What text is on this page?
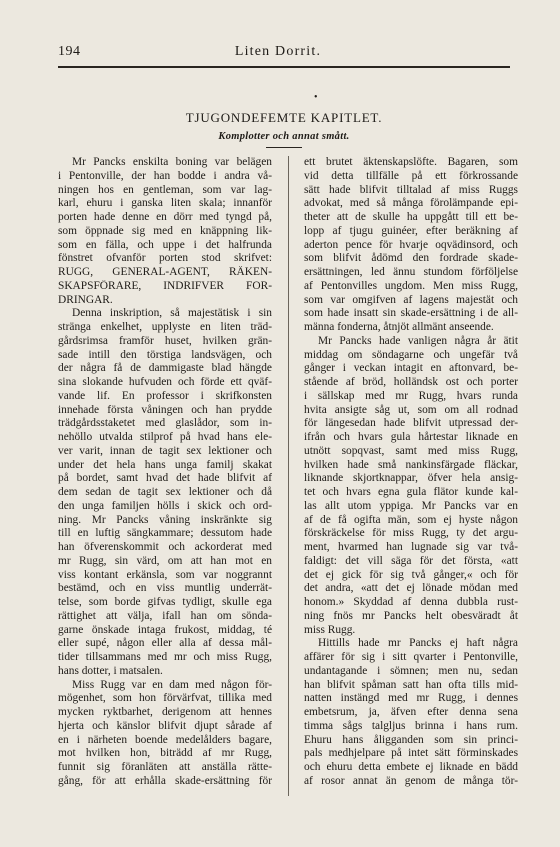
194	Liten Dorrit.
•
TJUGONDEFEMTE KAPITLET.
Komplotter och annat smått.
Mr Pancks enskilta boning var belägen
i Pentonville, der han bodde i andra vå-
ningen hos en gentleman, som var lag-
karl, ehuru i ganska liten skala; innanför
porten hade denne en dörr med tyngd på,
som öppnade sig med en knäppning lik-
som en fälla, och uppe i det halfrunda
fönstret ofvanför porten stod skrifvet:
RUGG, GENERAL-AGENT, RÄKEN-
SKAPSFÖRARE, INDRIFVER FOR-
DRINGAR.
Denna inskription, så majestätisk i sin
stränga enkelhet, upplyste en liten träd-
gårdsrimsa framför huset, hvilken grän-
sade intill den törstiga landsvägen, och
der några få de dammigaste blad hängde
sina slokande hufvuden och förde ett qväf-
vande lif. En professor i skrifkonsten
innehade första våningen och han prydde
trädgårdsstaketet med glaslådor, som in-
nehöllo utvalda stilprof på hvad hans ele-
ver varit, innan de tagit sex lektioner och
under det hela hans unga familj skakat
på bordet, samt hvad det hade blifvit af
dem sedan de tagit sex lektioner och då
den unga familjen hölls i skick och ord-
ning. Mr Pancks våning inskränkte sig
till en luftig sängkammare; dessutom hade
han öfverenskommit och ackorderat med
mr Rugg, sin värd, om att han mot en
viss kontant erkänsla, som var noggrannt
bestämd, och en viss muntlig underrät-
telse, som borde gifvas tydligt, skulle ega
rättighet att välja, ifall han om sönda-
garne önskade intaga frukost, middag, té
eller supé, någon eller alla af dessa mål-
tider tillsammans med mr och miss Rugg,
hans dotter, i matsalen.
Miss Rugg var en dam med någon för-
mögenhet, som hon förvärfvat, tillika med
mycken ryktbarhet, derigenom att hennes
hjerta och känslor blifvit djupt sårade af
en i närheten boende medelålders bagare,
mot hvilken hon, biträdd af mr Rugg,
funnit sig föranläten att anställa rätte-
gång, för att erhålla skade-ersättning för
ett brutet äktenskapslöfte. Bagaren, som
vid detta tillfälle på ett förkrossande
sätt hade blifvit tilltalad af miss Ruggs
advokat, med så många förolämpande epi-
theter att de skulle ha uppgått till ett be-
lopp af tjugu guinéer, efter beräkning af
aderton pence för hvarje oqvädinsord, och
som blifvit ådömd den fordrade skade-
ersättningen, led ännu stundom förföljelse
af Pentonvilles ungdom. Men miss Rugg,
som var omgifven af lagens majestät och
som hade insatt sin skade-ersättning i de all-
männa fonderna, åtnjöt allmänt anseende.
Mr Pancks hade vanligen några år ätit
middag om söndagarne och ungefär två
gånger i veckan intagit en aftonvard, be-
stående af bröd, holländsk ost och porter
i sällskap med mr Rugg, hvars runda
hvita ansigte såg ut, som om all rodnad
för längesedan hade blifvit utpressad der-
ifrån och hvars gula hårtestar liknade en
utnött sopqvast, samt med miss Rugg,
hvilken hade små nankinsfärgade fläckar,
liknande skjortknappar, öfver hela ansig-
tet och hvars egna gula flätor kunde kal-
las allt utom yppiga. Mr Pancks var en
af de få ogifta män, som ej hyste någon
förskräckelse för miss Rugg, ty det argu-
ment, hvarmed han lugnade sig var två-
faldigt: det vill säga för det första, «att
det ej gick för sig två gånger,« och för
det andra, «att det ej lönade mödan med
honom.» Skyddad af denna dubbla rust-
ning fnös mr Pancks helt obesväradt åt
miss Rugg.
Hittills hade mr Pancks ej haft några
affärer för sig i sitt qvarter i Pentonville,
undantagande i sömnen; men nu, sedan
han blifvit spåman satt han ofta tills mid-
natten instängd med mr Rugg, i dennes
embetsrum, ja, äfven efter denna sena
timma sågs talgljus brinna i hans rum.
Ehuru hans åligganden som sin princi-
pals medhjelpare på intet sätt förminskades
och ehuru detta embete ej liknade en bädd
af rosor annat än genom de många tör-
